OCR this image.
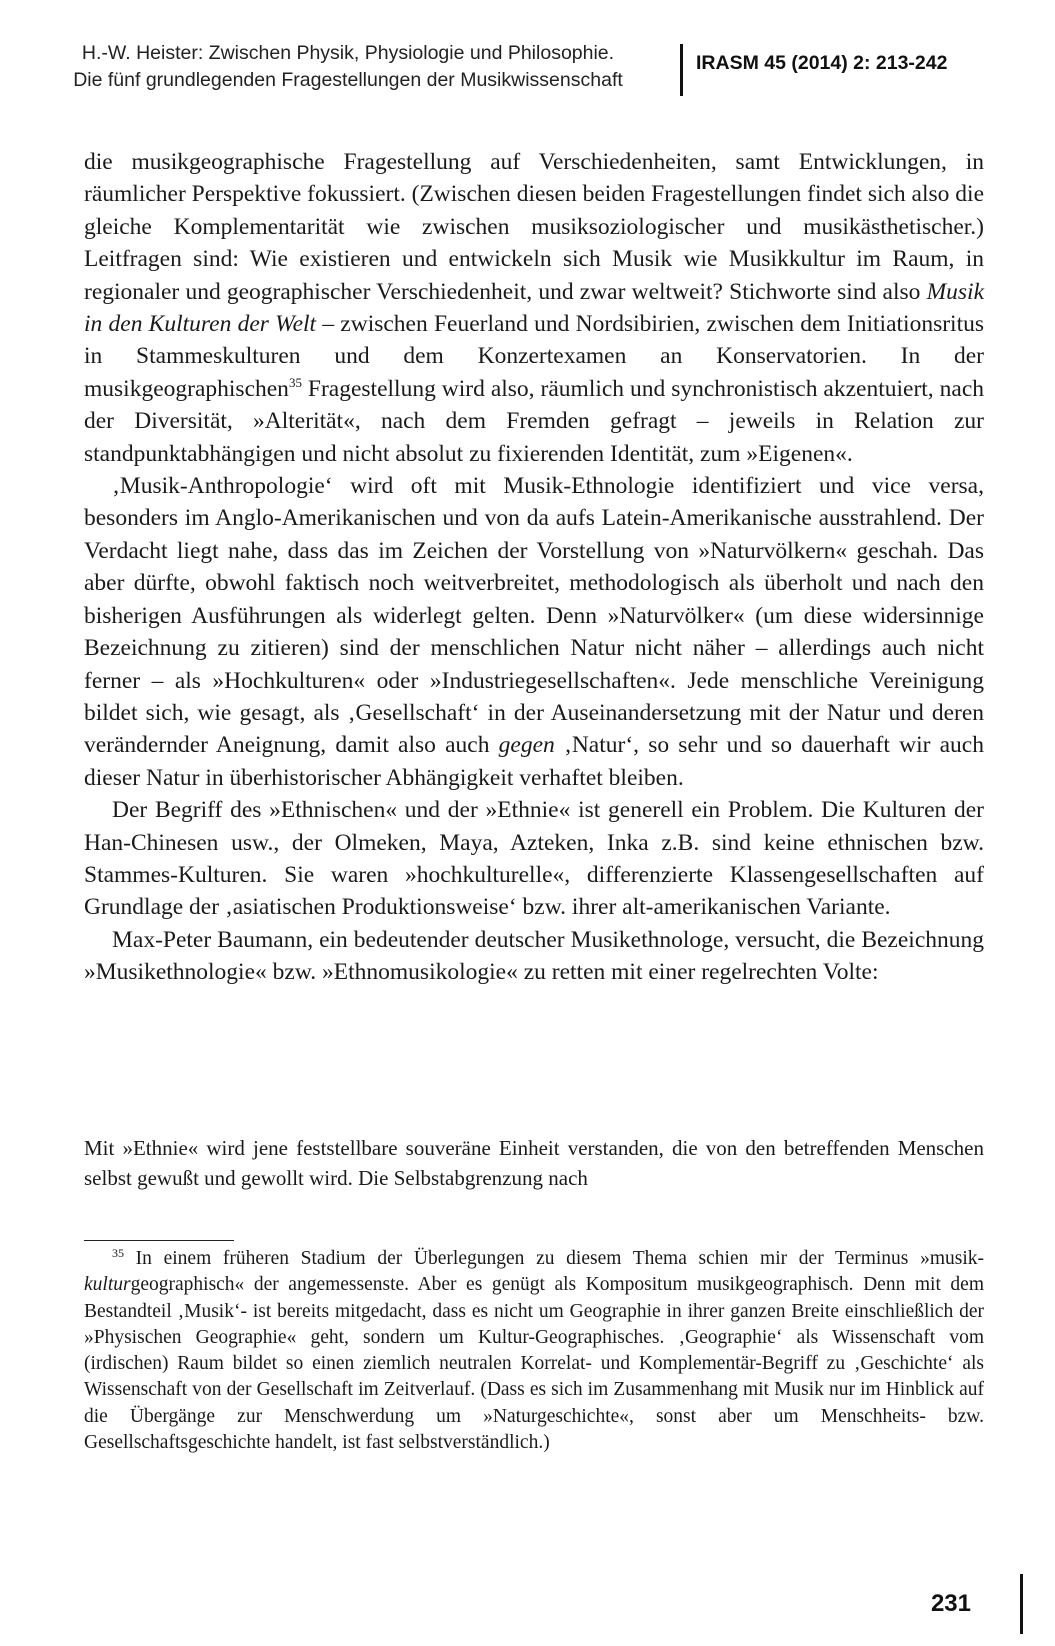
H.-W. Heister: Zwischen Physik, Physiologie und Philosophie.
Die fünf grundlegenden Fragestellungen der Musikwissenschaft
IRASM 45 (2014) 2: 213-242

die musikgeographische Fragestellung auf Verschiedenheiten, samt Entwicklungen, in räumlicher Perspektive fokussiert. (Zwischen diesen beiden Fragestellungen findet sich also die gleiche Komplementarität wie zwischen musiksoziologischer und musikästhetischer.) Leitfragen sind: Wie existieren und entwickeln sich Musik wie Musikkultur im Raum, in regionaler und geographischer Verschiedenheit, und zwar weltweit? Stichworte sind also Musik in den Kulturen der Welt – zwischen Feuerland und Nordsibirien, zwischen dem Initiationsritus in Stammeskulturen und dem Konzertexamen an Konservatorien. In der musikgeographischen$^{35}$ Fragestellung wird also, räumlich und synchronistisch akzentuiert, nach der Diversität, »Alterität«, nach dem Fremden gefragt – jeweils in Relation zur standpunktabhängigen und nicht absolut zu fixierenden Identität, zum »Eigenen«.

‚Musik-Anthropologie‘ wird oft mit Musik-Ethnologie identifiziert und vice versa, besonders im Anglo-Amerikanischen und von da aufs Latein-Amerikanische ausstrahlend. Der Verdacht liegt nahe, dass das im Zeichen der Vorstellung von »Naturvölkern« geschah. Das aber dürfte, obwohl faktisch noch weitverbreitet, methodologisch als überholt und nach den bisherigen Ausführungen als widerlegt gelten. Denn »Naturvölker« (um diese widersinnige Bezeichnung zu zitieren) sind der menschlichen Natur nicht näher – allerdings auch nicht ferner – als »Hochkulturen« oder »Industriegesellschaften«. Jede menschliche Vereinigung bildet sich, wie gesagt, als ‚Gesellschaft‘ in der Auseinandersetzung mit der Natur und deren verändernder Aneignung, damit also auch gegen ‚Natur‘, so sehr und so dauerhaft wir auch dieser Natur in überhistorischer Abhängigkeit verhaftet bleiben.

Der Begriff des »Ethnischen« und der »Ethnie« ist generell ein Problem. Die Kulturen der Han-Chinesen usw., der Olmeken, Maya, Azteken, Inka z.B. sind keine ethnischen bzw. Stammes-Kulturen. Sie waren »hochkulturelle«, differenzierte Klassengesellschaften auf Grundlage der ‚asiatischen Produktionsweise‘ bzw. ihrer alt-amerikanischen Variante.

Max-Peter Baumann, ein bedeutender deutscher Musikethnologe, versucht, die Bezeichnung »Musikethnologie« bzw. »Ethnomusikologie« zu retten mit einer regelrechten Volte:

Mit »Ethnie« wird jene feststellbare souveräne Einheit verstanden, die von den betreffenden Menschen selbst gewußt und gewollt wird. Die Selbstabgrenzung nach

$^{35}$ In einem früheren Stadium der Überlegungen zu diesem Thema schien mir der Terminus »musik-kulturgeographisch« der angemessenste. Aber es genügt als Kompositum musikgeographisch. Denn mit dem Bestandteil ‚Musik‘- ist bereits mitgedacht, dass es nicht um Geographie in ihrer ganzen Breite einschließlich der »Physischen Geographie« geht, sondern um Kultur-Geographisches. ‚Geographie‘ als Wissenschaft vom (irdischen) Raum bildet so einen ziemlich neutralen Korrelat- und Komplementär-Begriff zu ‚Geschichte‘ als Wissenschaft von der Gesellschaft im Zeitverlauf. (Dass es sich im Zusammenhang mit Musik nur im Hinblick auf die Übergänge zur Menschwerdung um »Naturgeschichte«, sonst aber um Menschheits- bzw. Gesellschaftsgeschichte handelt, ist fast selbstverständlich.)

231
